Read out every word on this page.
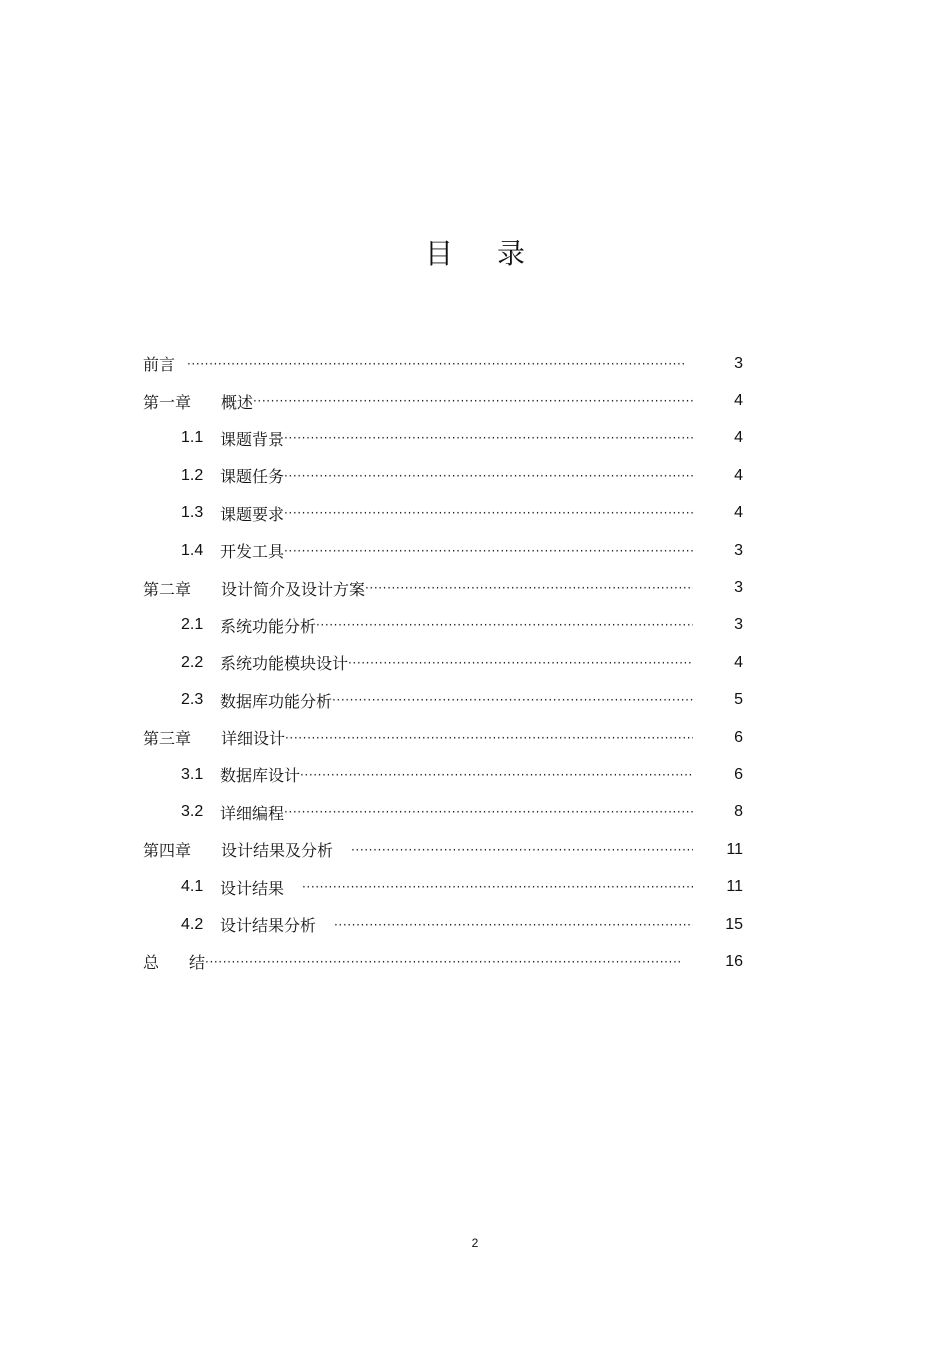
目 录
前言 ·····	3
第一章	概述 ·····	4
1.1	课题背景 ·····	4
1.2	课题任务 ·····	4
1.3	课题要求 ·····	4
1.4	开发工具 ·····	3
第二章	设计简介及设计方案 ·····	3
2.1	系统功能分析 ·····	3
2.2	系统功能模块设计 ·····	4
2.3	数据库功能分析 ·····	5
第三章	详细设计 ·····	6
3.1	数据库设计 ·····	6
3.2	详细编程 ·····	8
第四章	设计结果及分析 ·····	11
4.1	设计结果 ·····	11
4.2	设计结果分析 ·····	15
总 结 ·····	16
2
